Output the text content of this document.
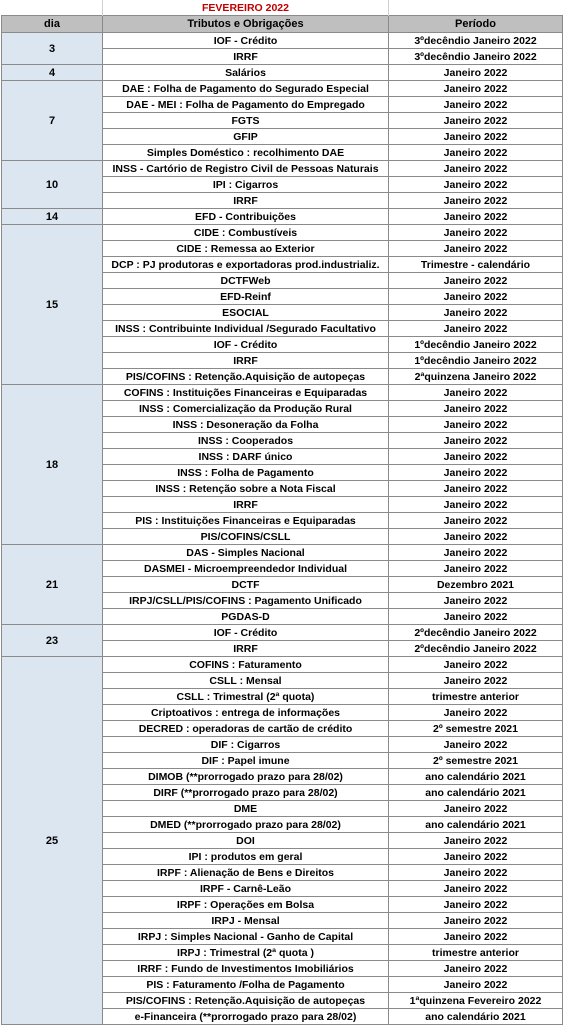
	FEVEREIRO 2022	
dia	Tributos e Obrigações	Período
3	IOF - Crédito	3ºdecêndio Janeiro 2022
	IRRF	3ºdecêndio Janeiro 2022
4	Salários	Janeiro 2022
7	DAE : Folha de Pagamento do Segurado Especial	Janeiro 2022
	DAE - MEI : Folha de Pagamento do Empregado	Janeiro 2022
	FGTS	Janeiro 2022
	GFIP	Janeiro 2022
	Simples Doméstico : recolhimento DAE	Janeiro 2022
10	INSS - Cartório de Registro Civil de Pessoas Naturais	Janeiro 2022
	IPI : Cigarros	Janeiro 2022
	IRRF	Janeiro 2022
14	EFD - Contribuições	Janeiro 2022
15	CIDE : Combustíveis	Janeiro 2022
	CIDE : Remessa ao Exterior	Janeiro 2022
	DCP : PJ produtoras e exportadoras prod.industrializ.	Trimestre - calendário
	DCTFWeb	Janeiro 2022
	EFD-Reinf	Janeiro 2022
	ESOCIAL	Janeiro 2022
	INSS : Contribuinte Individual /Segurado Facultativo	Janeiro 2022
	IOF - Crédito	1ºdecêndio Janeiro 2022
	IRRF	1ºdecêndio Janeiro 2022
	PIS/COFINS : Retenção.Aquisição de autopeças	2ªquinzena Janeiro 2022
18	COFINS : Instituições Financeiras e Equiparadas	Janeiro 2022
	INSS : Comercialização da Produção Rural	Janeiro 2022
	INSS : Desoneração da Folha	Janeiro 2022
	INSS : Cooperados	Janeiro 2022
	INSS : DARF único	Janeiro 2022
	INSS : Folha de Pagamento	Janeiro 2022
	INSS : Retenção sobre a Nota Fiscal	Janeiro 2022
	IRRF	Janeiro 2022
	PIS : Instituições Financeiras e Equiparadas	Janeiro 2022
	PIS/COFINS/CSLL	Janeiro 2022
21	DAS - Simples Nacional	Janeiro 2022
	DASMEI - Microempreendedor Individual	Janeiro 2022
	DCTF	Dezembro 2021
	IRPJ/CSLL/PIS/COFINS : Pagamento Unificado	Janeiro 2022
	PGDAS-D	Janeiro 2022
23	IOF - Crédito	2ºdecêndio Janeiro 2022
	IRRF	2ºdecêndio Janeiro 2022
25	COFINS : Faturamento	Janeiro 2022
	CSLL : Mensal	Janeiro 2022
	CSLL : Trimestral (2ª quota)	trimestre anterior
	Criptoativos : entrega de informações	Janeiro 2022
	DECRED : operadoras de cartão de crédito	2º semestre 2021
	DIF : Cigarros	Janeiro 2022
	DIF : Papel imune	2º semestre 2021
	DIMOB (**prorrogado prazo para 28/02)	ano calendário 2021
	DIRF (**prorrogado prazo para 28/02)	ano calendário 2021
	DME	Janeiro 2022
	DMED (**prorrogado prazo para 28/02)	ano calendário 2021
	DOI	Janeiro 2022
	IPI : produtos em geral	Janeiro 2022
	IRPF : Alienação de Bens e Direitos	Janeiro 2022
	IRPF - Carnê-Leão	Janeiro 2022
	IRPF : Operações em Bolsa	Janeiro 2022
	IRPJ - Mensal	Janeiro 2022
	IRPJ : Simples Nacional - Ganho de Capital	Janeiro 2022
	IRPJ : Trimestral (2ª quota )	trimestre anterior
	IRRF : Fundo de Investimentos Imobiliários	Janeiro 2022
	PIS : Faturamento /Folha de Pagamento	Janeiro 2022
	PIS/COFINS : Retenção.Aquisição de autopeças	1ªquinzena Fevereiro 2022
	e-Financeira (**prorrogado prazo para 28/02)	ano calendário 2021
